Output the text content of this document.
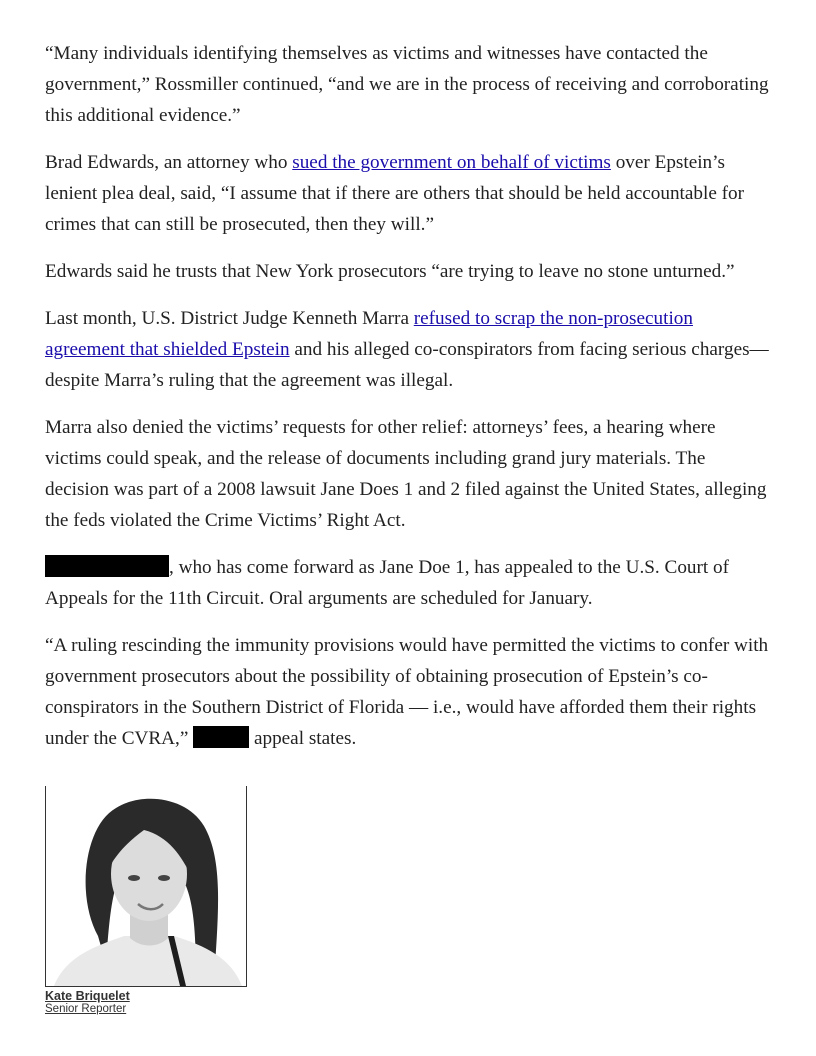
“Many individuals identifying themselves as victims and witnesses have contacted the government,” Rossmiller continued, “and we are in the process of receiving and corroborating this additional evidence.”

Brad Edwards, an attorney who sued the government on behalf of victims over Epstein’s lenient plea deal, said, “I assume that if there are others that should be held accountable for crimes that can still be prosecuted, then they will.”

Edwards said he trusts that New York prosecutors “are trying to leave no stone unturned.”

Last month, U.S. District Judge Kenneth Marra refused to scrap the non-prosecution agreement that shielded Epstein and his alleged co-conspirators from facing serious charges—despite Marra’s ruling that the agreement was illegal.

Marra also denied the victims’ requests for other relief: attorneys’ fees, a hearing where victims could speak, and the release of documents including grand jury materials. The decision was part of a 2008 lawsuit Jane Does 1 and 2 filed against the United States, alleging the feds violated the Crime Victims’ Right Act.

, who has come forward as Jane Doe 1, has appealed to the U.S. Court of Appeals for the 11th Circuit. Oral arguments are scheduled for January.

“A ruling rescinding the immunity provisions would have permitted the victims to confer with government prosecutors about the possibility of obtaining prosecution of Epstein’s co-conspirators in the Southern District of Florida — i.e., would have afforded them their rights under the CVRA,”	appeal states.

Kate Briquelet
Senior Reporter
